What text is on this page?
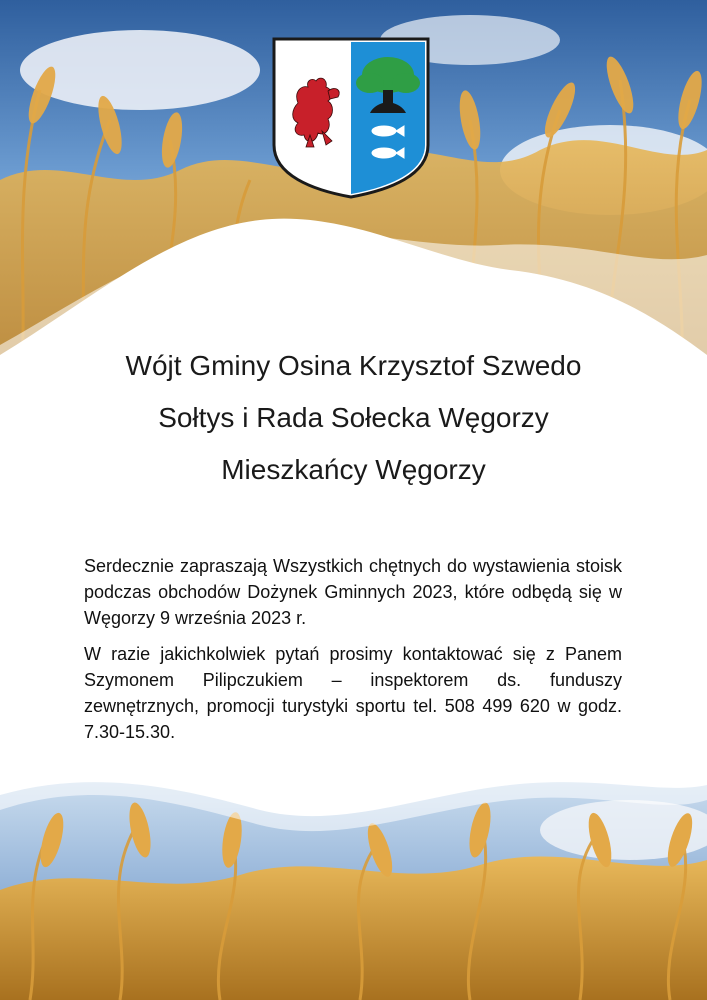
Wójt Gminy Osina Krzysztof Szwedo
Sołtys i Rada Sołecka Węgorzy
Mieszkańcy Węgorzy

Serdecznie zapraszają Wszystkich chętnych do wystawienia stoisk podczas obchodów Dożynek Gminnych 2023, które odbędą się w Węgorzy 9 września 2023 r.

W razie jakichkolwiek pytań prosimy kontaktować się z Panem Szymonem Pilipczukiem – inspektorem ds. funduszy zewnętrznych, promocji turystyki sportu tel. 508 499 620 w godz. 7.30-15.30.
